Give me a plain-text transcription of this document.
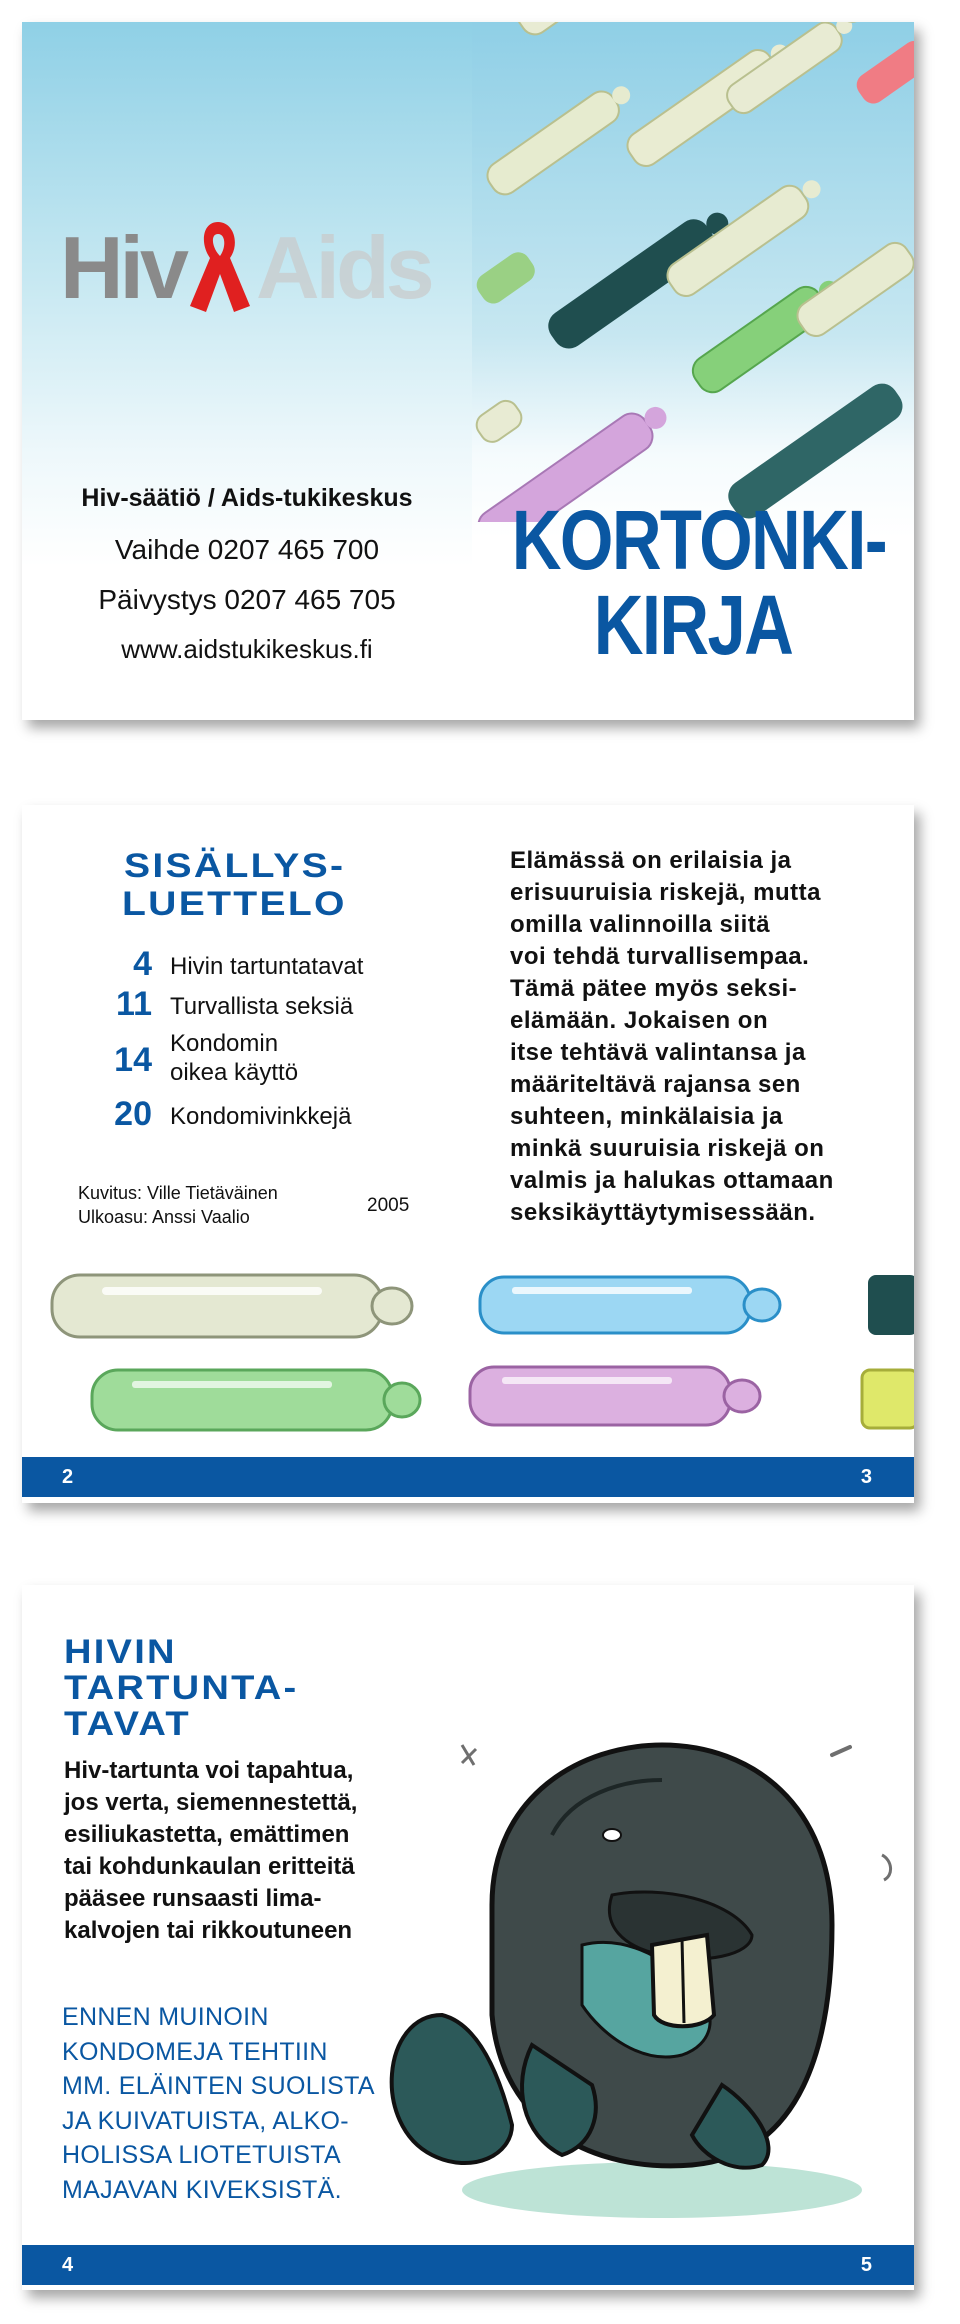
Hiv Aids
Hiv-säätiö / Aids-tukikeskus
Vaihde 0207 465 700
Päivystys 0207 465 705
www.aidstukikeskus.fi
KORTONKI-
KIRJA
SISÄLLYS-
LUETTELO
4 Hivin tartuntatavat
11 Turvallista seksiä
14 Kondomin
oikea käyttö
20 Kondomivinkkejä
Kuvitus: Ville Tietäväinen
Ulkoasu: Anssi Vaalio
2005
Elämässä on erilaisia ja
erisuuruisia riskejä, mutta
omilla valinnoilla siitä
voi tehdä turvallisempaa.
Tämä pätee myös seksi-
elämään. Jokaisen on
itse tehtävä valintansa ja
määriteltävä rajansa sen
suhteen, minkälaisia ja
minkä suuruisia riskejä on
valmis ja halukas ottamaan
seksikäyttäytymisessään.
2	3
HIVIN
TARTUNTA-
TAVAT
Hiv-tartunta voi tapahtua,
jos verta, siemennestettä,
esiliukastetta, emättimen
tai kohdunkaulan eritteitä
pääsee runsaasti lima-
kalvojen tai rikkoutuneen
ENNEN MUINOIN
KONDOMEJA TEHTIIN
MM. ELÄINTEN SUOLISTA
JA KUIVATUISTA, ALKO-
HOLISSA LIOTETUISTA
MAJAVAN KIVEKSISTÄ.
4	5
